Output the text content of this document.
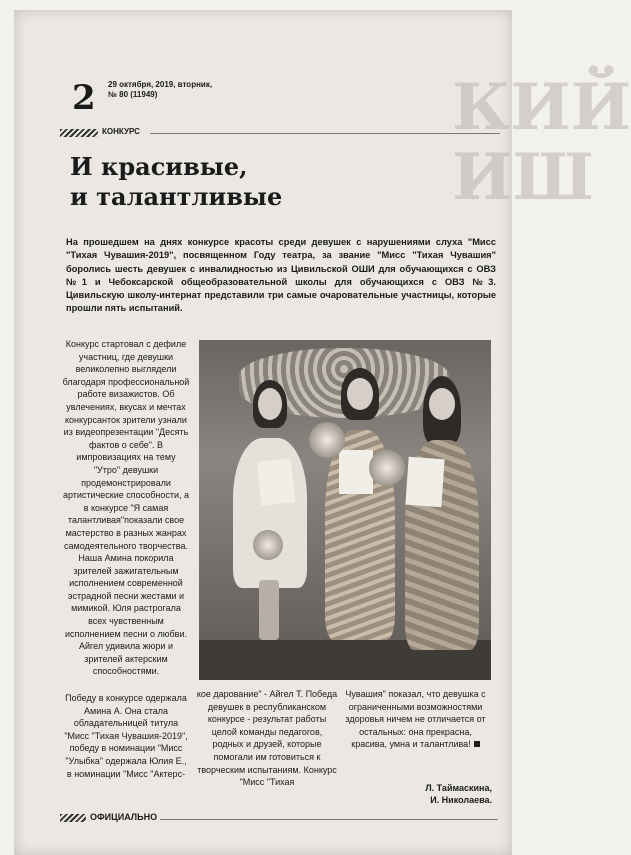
КИЙ
ИШ
2 29 октября, 2019, вторник,
№ 80 (11949)
КОНКУРС
И красивые,
и талантливые
На прошедшем на днях конкурсе красоты среди девушек с нарушениями слуха "Мисс "Тихая Чувашия-2019", посвященном Году театра, за звание "Мисс "Тихая Чувашия" боролись шесть девушек с инвалидностью из Цивильской ОШИ для обучающихся с ОВЗ №1 и Чебоксарской общеобразовательной школы для обучающихся с ОВЗ №3. Цивильскую школу-интернат представили три самые очаровательные участницы, которые прошли пять испытаний.
Конкурс стартовал с дефиле участниц, где девушки великолепно выглядели благодаря профессиональной работе визажистов. Об увлечениях, вкусах и мечтах конкурсанток зрители узнали из видеопрезентации "Десять фактов о себе". В импровизациях на тему "Утро" девушки продемонстрировали артистические способности, а в конкурсе "Я самая талантливая"показали свое мастерство в разных жанрах самодеятельного творчества. Наша Амина покорила зрителей зажигательным исполнением современной эстрадной песни жестами и мимикой. Юля растрогала всех чувственным исполнением песни о любви. Айгел удивила жюри и зрителей актерским способностями.
Победу в конкурсе одержала Амина А. Она стала обладательницей титула "Мисс "Тихая Чувашия-2019", победу в номинации "Мисс "Улыбка" одержала Юлия Е., в номинации "Мисс "Актерс-
кое дарование" - Айгел Т. Победа девушек в республиканском конкурсе - результат работы целой команды педагогов, родных и друзей, которые помогали им готовиться к творческим испытаниям. Конкурс "Мисс "Тихая
Чувашия" показал, что девушка с ограниченными возможностями здоровья ничем не отличается от остальных: она прекрасна, красива, умна и талантлива!
Л. Таймаскина,
И. Николаева.
ОФИЦИАЛЬНО
